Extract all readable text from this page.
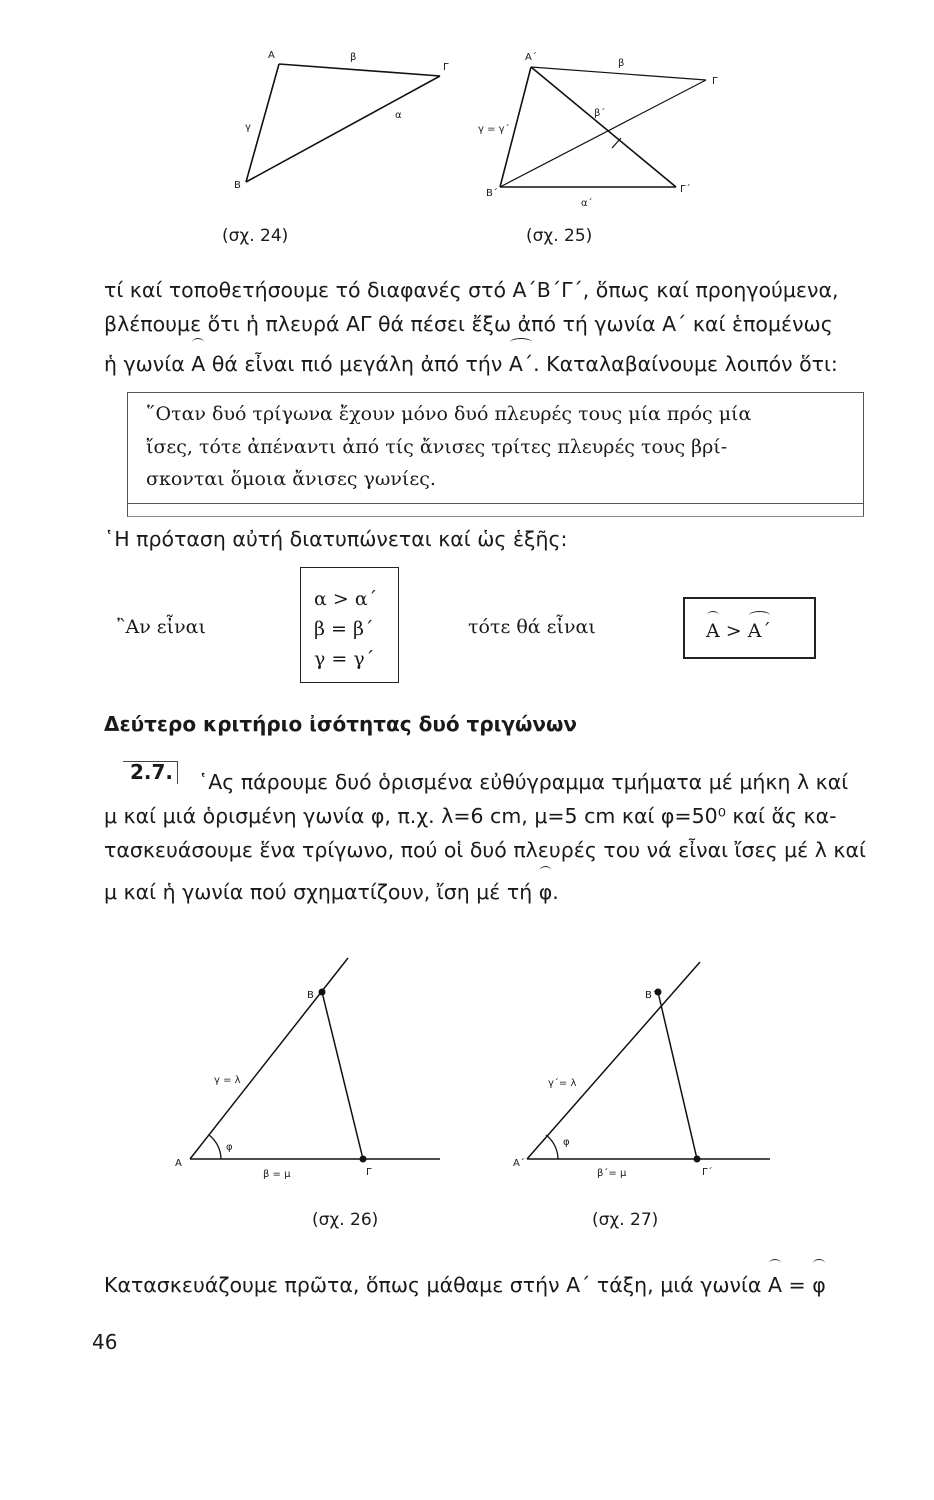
A
B
Γ
α
β
γ
A΄
Β΄	Γ΄
Γ
α΄
β
β΄
γ = γ΄
(σχ. 24)	(σχ. 25)
τί καί τοποθετήσουμε τό διαφανές στό Α΄Β΄Γ΄, ὅπως καί προηγούμενα,
βλέπουμε ὅτι ἡ πλευρά ΑΓ θά πέσει ἔξω ἀπό τή γωνία Α΄ καί ἑπομένως
ἡ γωνία Α θά εἶναι πιό μεγάλη ἀπό τήν Α΄. Καταλαβαίνουμε λοιπόν ὅτι:
῞Οταν δυό τρίγωνα ἔχουν μόνο δυό πλευρές τους μία πρός μία
ἴσες, τότε ἀπέναντι ἀπό τίς ἄνισες τρίτες πλευρές τους βρί-
σκονται ὅμοια ἄνισες γωνίες.
῾Η πρόταση αὐτή διατυπώνεται καί ὡς ἑξῆς:
῍Αν εἶναι
α > α΄
β = β΄
γ = γ΄
τότε θά εἶναι	Α > Α΄
Δεύτερο κριτήριο ἰσότητας δυό τριγώνων
2.7.	῾Ας πάρουμε δυό ὁρισμένα εὐθύγραμμα τμήματα μέ μήκη λ καί
μ καί μιά ὁρισμένη γωνία φ, π.χ. λ=6 cm, μ=5 cm καί φ=50⁰ καί ἅς κα-
τασκευάσουμε ἕνα τρίγωνο, πού οἱ δυό πλευρές του νά εἶναι ἴσες μέ λ καί
μ καί ἡ γωνία πού σχηματίζουν, ἴση μέ τή φ.
A
B
Γ
γ = λ
β = μ
φ
A΄
Β΄
Γ΄
γ΄= λ
β΄= μ
φ
(σχ. 26)	(σχ. 27)
Κατασκευάζουμε πρῶτα, ὅπως μάθαμε στήν Α΄ τάξη, μιά γωνία Α = φ
46
